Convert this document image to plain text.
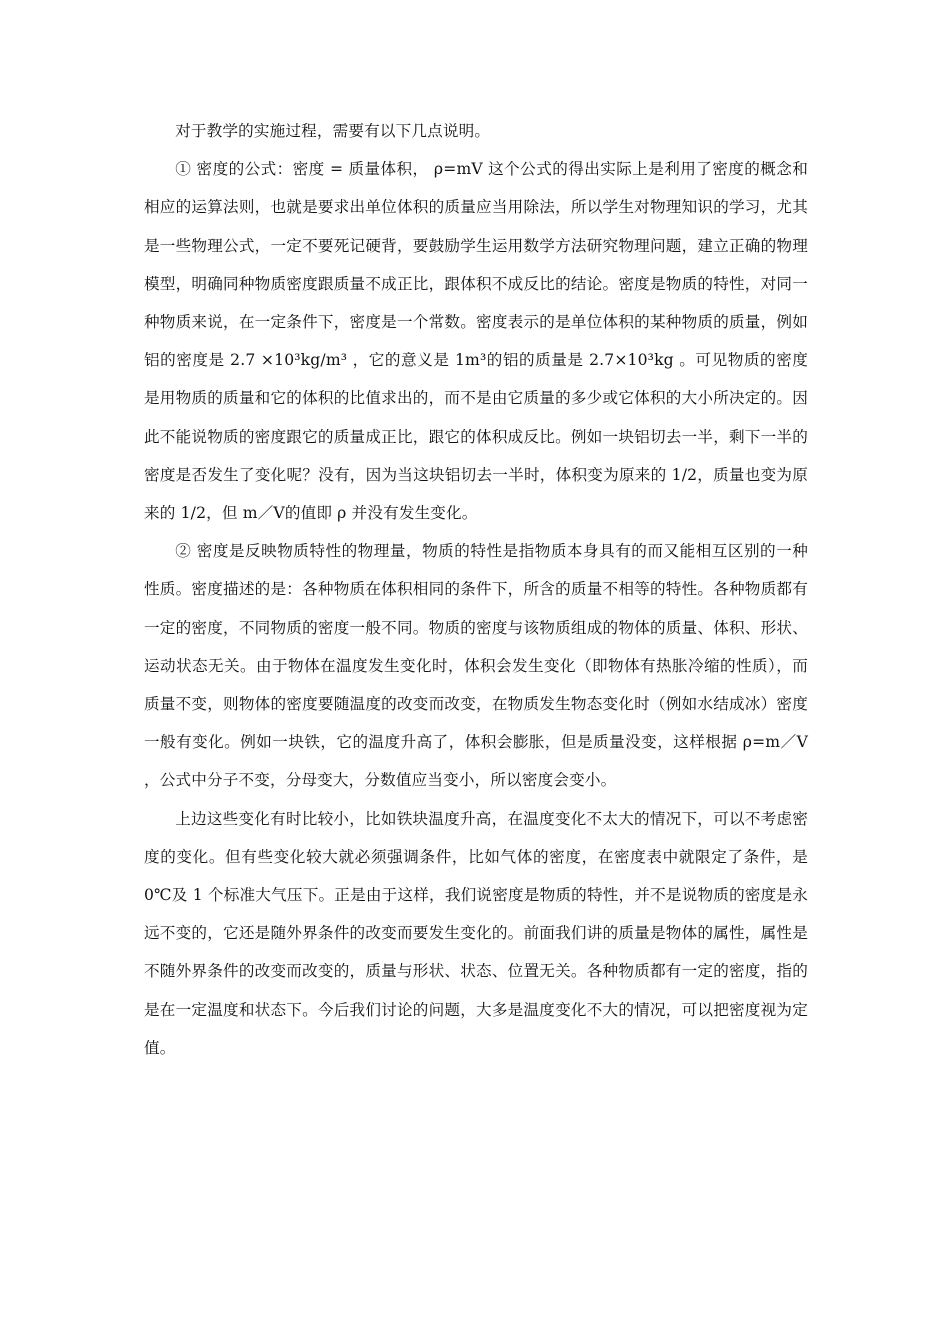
对于教学的实施过程，需要有以下几点说明。

① 密度的公式：密度 = 质量体积， ρ=mV 这个公式的得出实际上是利用了密度的概念和相应的运算法则，也就是要求出单位体积的质量应当用除法，所以学生对物理知识的学习，尤其是一些物理公式，一定不要死记硬背，要鼓励学生运用数学方法研究物理问题，建立正确的物理模型，明确同种物质密度跟质量不成正比，跟体积不成反比的结论。密度是物质的特性，对同一种物质来说，在一定条件下，密度是一个常数。密度表示的是单位体积的某种物质的质量，例如铝的密度是 2.7 ×10³kg/m³ ，它的意义是 1m³的铝的质量是 2.7×10³kg 。可见物质的密度是用物质的质量和它的体积的比值求出的，而不是由它质量的多少或它体积的大小所决定的。因此不能说物质的密度跟它的质量成正比，跟它的体积成反比。例如一块铝切去一半，剩下一半的密度是否发生了变化呢？没有，因为当这块铝切去一半时，体积变为原来的 1/2，质量也变为原来的 1/2，但 m／V的值即 ρ 并没有发生变化。

② 密度是反映物质特性的物理量，物质的特性是指物质本身具有的而又能相互区别的一种性质。密度描述的是：各种物质在体积相同的条件下，所含的质量不相等的特性。各种物质都有一定的密度，不同物质的密度一般不同。物质的密度与该物质组成的物体的质量、体积、形状、运动状态无关。由于物体在温度发生变化时，体积会发生变化（即物体有热胀冷缩的性质），而质量不变，则物体的密度要随温度的改变而改变，在物质发生物态变化时（例如水结成冰）密度一般有变化。例如一块铁，它的温度升高了，体积会膨胀，但是质量没变，这样根据 ρ=m／V ，公式中分子不变，分母变大，分数值应当变小，所以密度会变小。

上边这些变化有时比较小，比如铁块温度升高，在温度变化不太大的情况下，可以不考虑密度的变化。但有些变化较大就必须强调条件，比如气体的密度，在密度表中就限定了条件，是 0℃及 1 个标准大气压下。正是由于这样，我们说密度是物质的特性，并不是说物质的密度是永远不变的，它还是随外界条件的改变而要发生变化的。前面我们讲的质量是物体的属性，属性是不随外界条件的改变而改变的，质量与形状、状态、位置无关。各种物质都有一定的密度，指的是在一定温度和状态下。今后我们讨论的问题，大多是温度变化不大的情况，可以把密度视为定值。
